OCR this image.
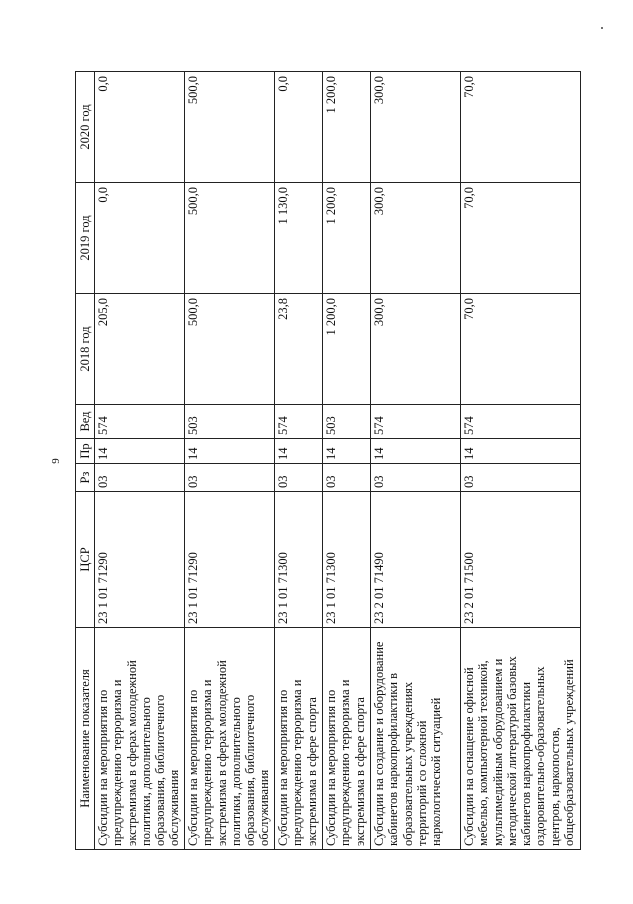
9
Наименование показателя	ЦСР	Рз	Пр	Вед	2018 год	2019 год	2020 год
Субсидии на мероприятия по предупреждению терроризма и экстремизма в сферах молодежной политики, дополнительного образования, библиотечного обслуживания	23 1 01 71290	03	14	574	205,0	0,0	0,0
Субсидии на мероприятия по предупреждению терроризма и экстремизма в сферах молодежной политики, дополнительного образования, библиотечного обслуживания	23 1 01 71290	03	14	503	500,0	500,0	500,0
Субсидии на мероприятия по предупреждению терроризма и экстремизма в сфере спорта	23 1 01 71300	03	14	574	23,8	1 130,0	0,0
Субсидии на мероприятия по предупреждению терроризма и экстремизма в сфере спорта	23 1 01 71300	03	14	503	1 200,0	1 200,0	1 200,0
Субсидии на создание и оборудование кабинетов наркопрофилактики в образовательных учреждениях территорий со сложной наркологической ситуацией	23 2 01 71490	03	14	574	300,0	300,0	300,0
Субсидии на оснащение офисной мебелью, компьютерной техникой, мультимедийным оборудованием и методической литературой базовых кабинетов наркопрофилактики оздоровительно-образовательных центров, наркопостов, общеобразовательных учреждений	23 2 01 71500	03	14	574	70,0	70,0	70,0
